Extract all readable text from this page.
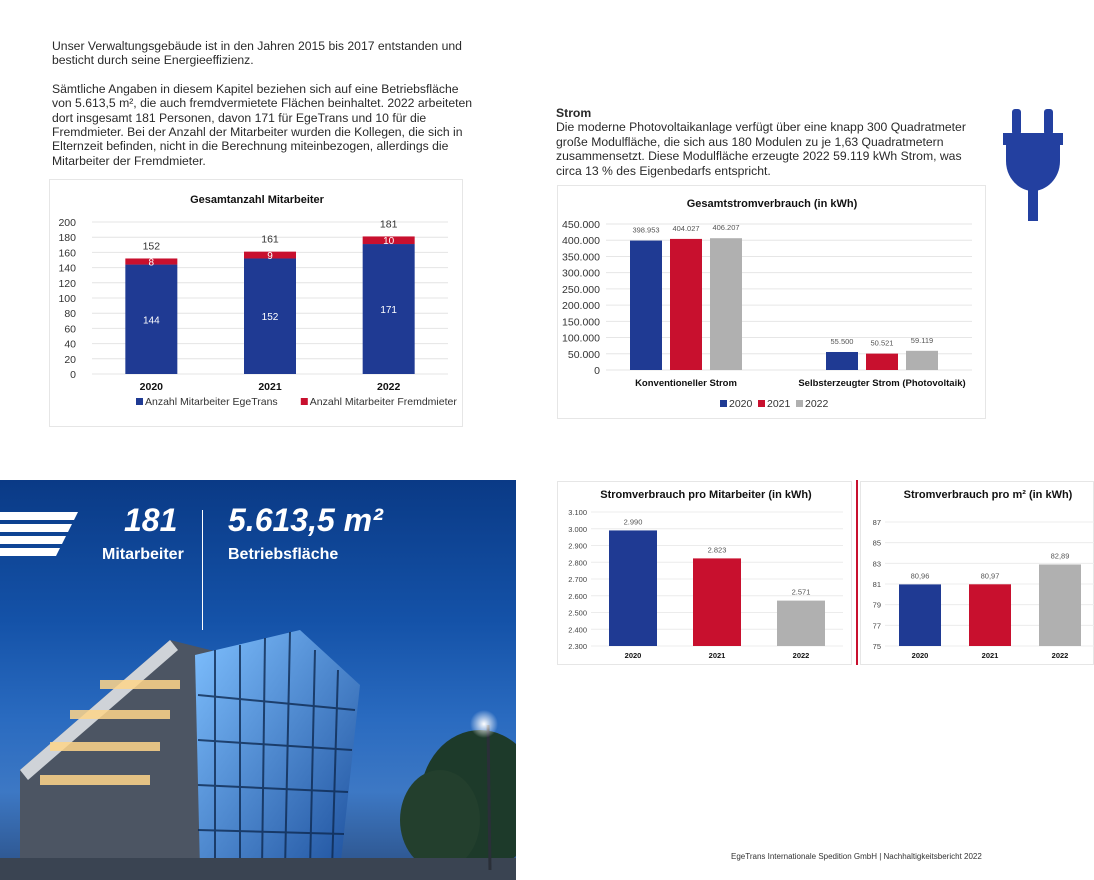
Unser Verwaltungsgebäude ist in den Jahren 2015 bis 2017 entstanden und besticht durch seine Energieeffizienz.

Sämtliche Angaben in diesem Kapitel beziehen sich auf eine Betriebsfläche von 5.613,5 m², die auch fremdvermietete Flächen beinhaltet. 2022 arbeiteten dort insgesamt 181 Personen, davon 171 für EgeTrans und 10 für die Fremdmieter. Bei der Anzahl der Mitarbeiter wurden die Kollegen, die sich in Elternzeit befinden, nicht in die Berechnung miteinbezogen, allerdings die Mitarbeiter der Fremdmieter.

Strom
Die moderne Photovoltaikanlage verfügt über eine knapp 300 Quadratmeter große Modulfläche, die sich aus 180 Modulen zu je 1,63 Quadratmetern zusammensetzt. Diese Modulfläche erzeugte 2022 59.119 kWh Strom, was circa 13 % des Eigenbedarfs entspricht.
Gesamtanzahl Mitarbeiter
0
20
40
60
80
100
120
140
160
180
200
144
8
152
2020
152
9
161
2021
171
10
181
2022
Anzahl Mitarbeiter EgeTrans	Anzahl Mitarbeiter Fremdmieter
Gesamtstromverbrauch (in kWh)
0
50.000
100.000
150.000
200.000
250.000
300.000
350.000
400.000
450.000	398.953 404.027 406.207
Konventioneller Strom
55.500 50.521 59.119
Selbsterzeugter Strom (Photovoltaik)
2020 2021 2022
181
Mitarbeiter
5.613,5 m²
Betriebsfläche
Stromverbrauch pro Mitarbeiter (in kWh)
2.300
2.400
2.500
2.600
2.700
2.800
2.900
3.000
3.100
2.990
2020
2.823
2021
2.571
2022
Stromverbrauch pro m² (in kWh)
75
77
79
81
83
85
87
80,96
2020
80,97
2021
82,89
2022
EgeTrans Internationale Spedition GmbH | Nachhaltigkeitsbericht 2022
